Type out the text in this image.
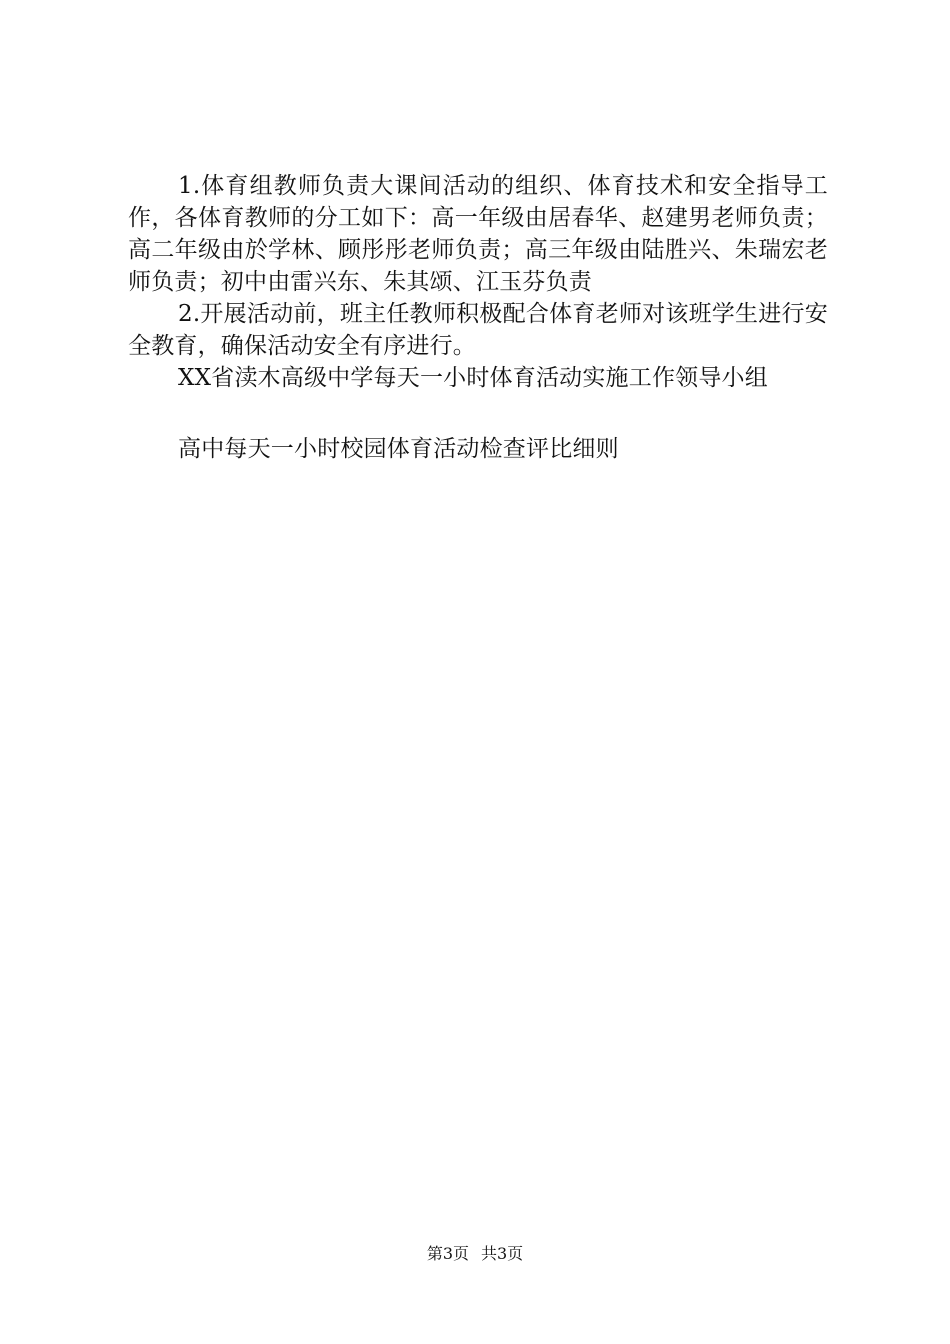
1.体育组教师负责大课间活动的组织、体育技术和安全指导工作，各体育教师的分工如下：高一年级由居春华、赵建男老师负责；高二年级由於学林、顾彤彤老师负责；高三年级由陆胜兴、朱瑞宏老师负责；初中由雷兴东、朱其颂、江玉芬负责

2.开展活动前，班主任教师积极配合体育老师对该班学生进行安全教育，确保活动安全有序进行。

XX省渎木高级中学每天一小时体育活动实施工作领导小组

高中每天一小时校园体育活动检查评比细则

第3页 共3页
